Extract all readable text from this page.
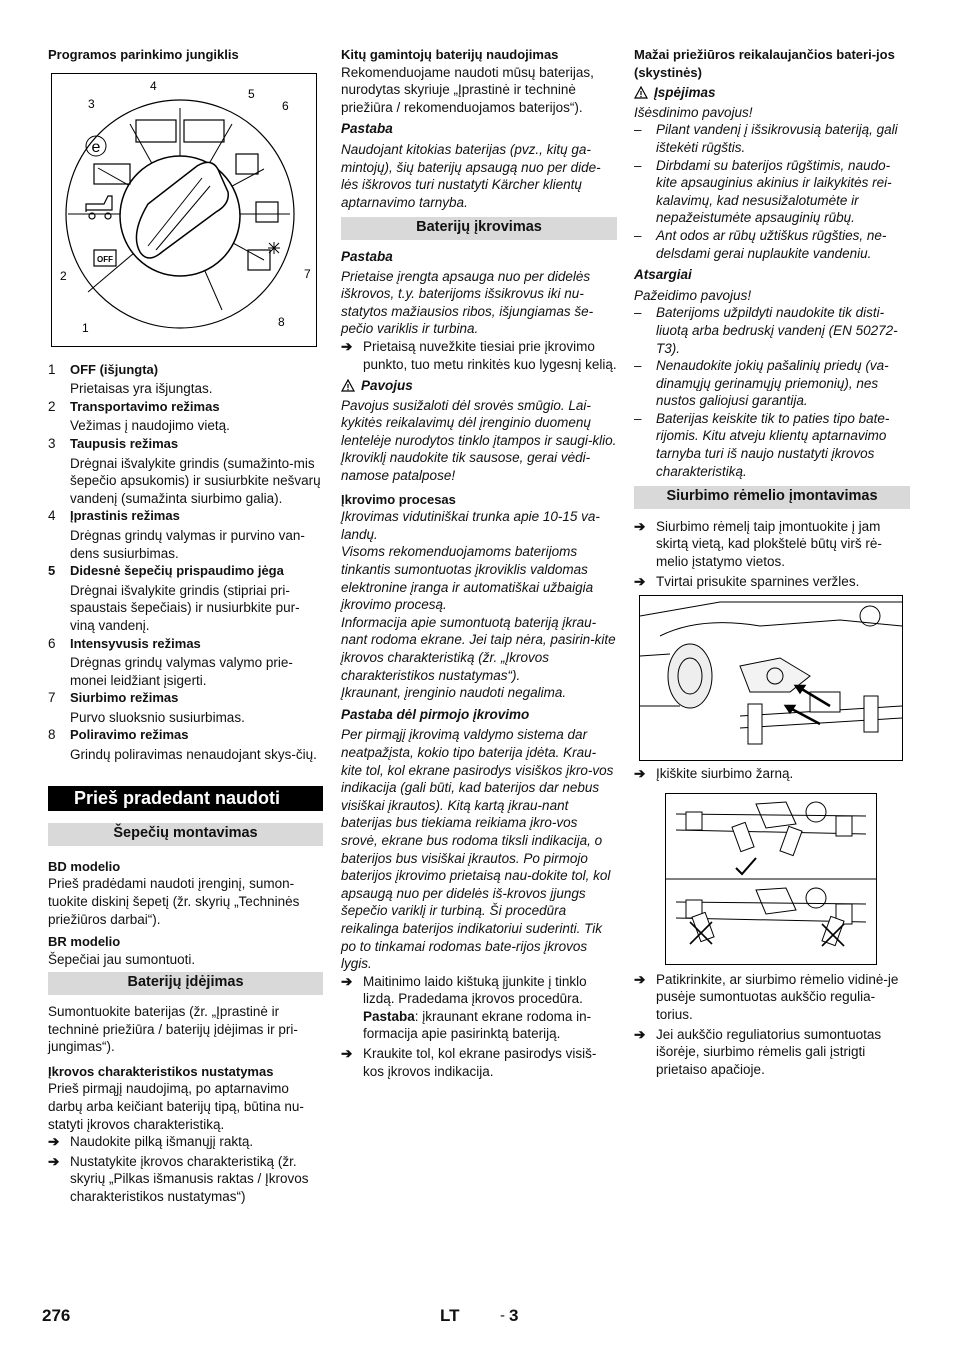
Programos parinkimo jungiklis

OFF
e
1
2
3
4
5
6
7
8
1	OFF (išjungta)

Prietaisas yra išjungtas.

2	Transportavimo režimas

Vežimas į naudojimo vietą.

3	Taupusis režimas

Drėgnai išvalykite grindis (sumažinto-mis šepečio apsukomis) ir susiurbkite nešvarų vandenį (sumažinta siurbimo galia).

4	Įprastinis režimas

Drėgnas grindų valymas ir purvino van-dens susiurbimas.

5	Didesnė šepečių prispaudimo jėga

Drėgnai išvalykite grindis (stipriai pri-spaustais šepečiais) ir nusiurbkite pur-viną vandenį.

6	Intensyvusis režimas

Drėgnas grindų valymas valymo prie-monei leidžiant įsigerti.

7	Siurbimo režimas

Purvo sluoksnio susiurbimas.

8	Poliravimo režimas

Grindų poliravimas nenaudojant skys-čių.

Prieš pradedant naudoti
Šepečių montavimas

BD modelio

Prieš pradėdami naudoti įrenginį, sumon-tuokite diskinį šepetį (žr. skyrių „Techninės priežiūros darbai“).

BR modelio

Šepečiai jau sumontuoti.

Baterijų įdėjimas

Sumontuokite baterijas (žr. „Įprastinė ir techninė priežiūra / baterijų įdėjimas ir pri-jungimas“).

Įkrovos charakteristikos nustatymas

Prieš pirmąjį naudojimą, po aptarnavimo darbų arba keičiant baterijų tipą, būtina nu-statyti įkrovos charakteristiką.

➔ Naudokite pilką išmanųjį raktą.
➔ Nustatykite įkrovos charakteristiką (žr. skyrių „Pilkas išmanusis raktas / Įkrovos charakteristikos nustatymas“)

Kitų gamintojų baterijų naudojimas

Rekomenduojame naudoti mūsų baterijas, nurodytas skyriuje „Įprastinė ir techninė priežiūra / rekomenduojamos baterijos“).

Pastaba

Naudojant kitokias baterijas (pvz., kitų ga-mintojų), šių baterijų apsaugą nuo per dide-lės iškrovos turi nustatyti Kärcher klientų aptarnavimo tarnyba.

Baterijų įkrovimas

Pastaba

Prietaise įrengta apsauga nuo per didelės iškrovos, t.y. baterijoms išsikrovus iki nu-statytos mažiausios ribos, išjungiamas še-pečio variklis ir turbina.

➔ Prietaisą nuvežkite tiesiai prie įkrovimo punkto, tuo metu rinkitės kuo lygesnį kelią.
Pavojus

Pavojus susižaloti dėl srovės smūgio. Lai-kykitės reikalavimų dėl įrenginio duomenų lentelėje nurodytos tinklo įtampos ir saugi-klio.

Įkroviklį naudokite tik sausose, gerai vėdi-namose patalpose!

Įkrovimo procesas

Įkrovimas vidutiniškai trunka apie 10-15 va-landų.

Visoms rekomenduojamoms baterijoms tinkantis sumontuotas įkroviklis valdomas elektronine įranga ir automatiškai užbaigia įkrovimo procesą.

Informacija apie sumontuotą bateriją įkrau-nant rodoma ekrane. Jei taip nėra, pasirin-kite įkrovos charakteristiką (žr. „Įkrovos charakteristikos nustatymas“).

Įkraunant, įrenginio naudoti negalima.

Pastaba dėl pirmojo įkrovimo

Per pirmąjį įkrovimą valdymo sistema dar neatpažįsta, kokio tipo baterija įdėta. Krau-kite tol, kol ekrane pasirodys visiškos įkro-vos indikacija (gali būti, kad baterijos dar nebus visiškai įkrautos). Kitą kartą įkrau-nant baterijas bus tiekiama reikiama įkro-vos srovė, ekrane bus rodoma tiksli indikacija, o baterijos bus visiškai įkrautos. Po pirmojo baterijos įkrovimo prietaisą nau-dokite tol, kol apsaugą nuo per didelės iš-krovos įjungs šepečio variklį ir turbiną. Ši procedūra reikalinga baterijos indikatoriui suderinti. Tik po to tinkamai rodomas bate-rijos įkrovos lygis.

➔ Maitinimo laido kištuką įjunkite į tinklo lizdą. Pradedama įkrovos procedūra.

Pastaba: įkraunant ekrane rodoma in-formacija apie pasirinktą bateriją.

➔ Kraukite tol, kol ekrane pasirodys visiš-kos įkrovos indikacija.

Mažai priežiūros reikalaujančios bateri-jos (skystinės)

Įspėjimas

Išėsdinimo pavojus!

–	Pilant vandenį į išsikrovusią bateriją, gali ištekėti rūgštis.
–	Dirbdami su baterijos rūgštimis, naudo-kite apsauginius akinius ir laikykitės rei-kalavimų, kad nesusižalotumėte ir nepažeistumėte apsauginių rūbų.
–	Ant odos ar rūbų užtiškus rūgšties, ne-delsdami gerai nuplaukite vandeniu.

Atsargiai

Pažeidimo pavojus!

–	Baterijoms užpildyti naudokite tik disti-liuotą arba bedruskį vandenį (EN 50272-T3).
–	Nenaudokite jokių pašalinių priedų (va-dinamųjų gerinamųjų priemonių), nes nustos galiojusi garantija.
–	Baterijas keiskite tik to paties tipo bate-rijomis. Kitu atveju klientų aptarnavimo tarnyba turi iš naujo nustatyti įkrovos charakteristiką.
Siurbimo rėmelio įmontavimas
➔ Siurbimo rėmelį taip įmontuokite į jam skirtą vietą, kad plokštelė būtų virš rė-melio įstatymo vietos.
➔ Tvirtai prisukite sparnines veržles.
➔ Įkiškite siurbimo žarną.
➔ Patikrinkite, ar siurbimo rėmelio vidinė-je pusėje sumontuotas aukščio regulia-torius.
➔ Jei aukščio reguliatorius sumontuotas išorėje, siurbimo rėmelis gali įstrigti prietaiso apačioje.
276	LT	- 3
